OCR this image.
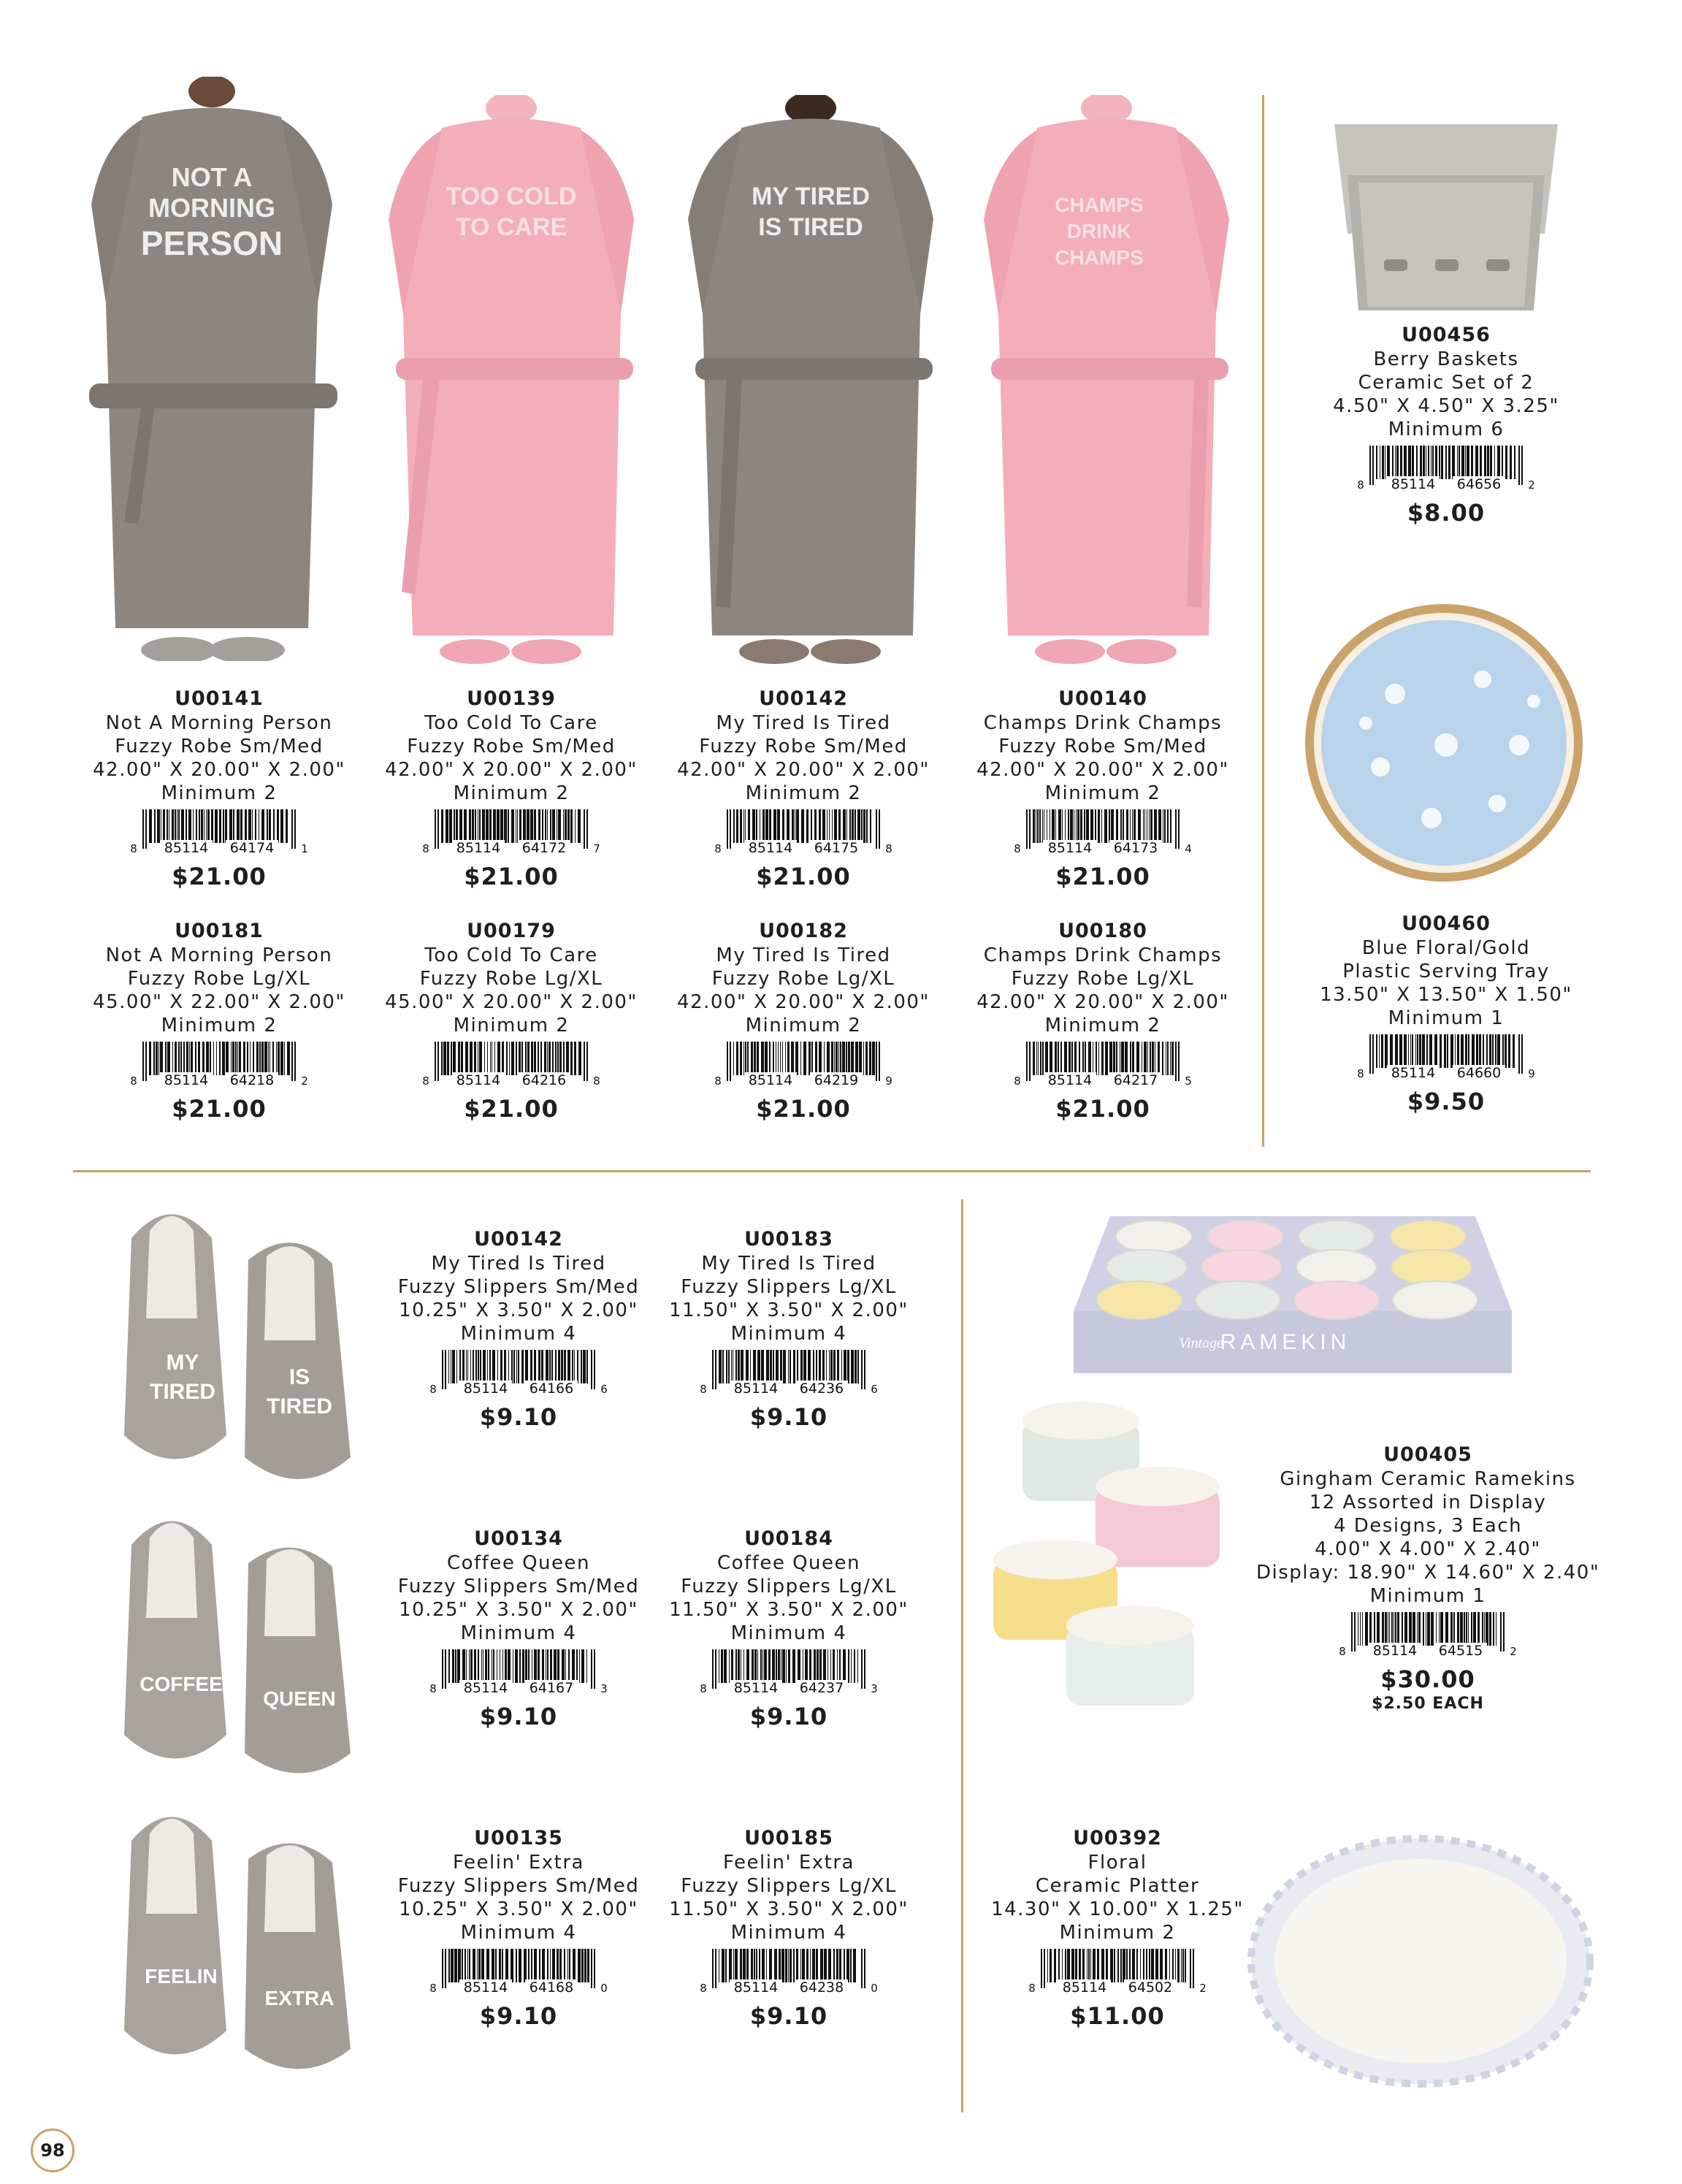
NOT A
MORNING
PERSON
TOO COLD
TO CARE
MY TIRED
IS TIRED
CHAMPS
DRINK
CHAMPS
MY
TIRED
IS
TIRED
COFFEE
QUEEN
FEELIN
EXTRA
Vintage
RAMEKIN
U00141
Not A Morning Person
Fuzzy Robe Sm/Med
42.00" X 20.00" X 2.00"
Minimum 2
8 85114 64174 1
$21.00
U00139
Too Cold To Care
Fuzzy Robe Sm/Med
42.00" X 20.00" X 2.00"
Minimum 2
8 85114 64172 7
$21.00
U00142
My Tired Is Tired
Fuzzy Robe Sm/Med
42.00" X 20.00" X 2.00"
Minimum 2
8 85114 64175 8
$21.00
U00140
Champs Drink Champs
Fuzzy Robe Sm/Med
42.00" X 20.00" X 2.00"
Minimum 2
8 85114 64173 4
$21.00
U00181
Not A Morning Person
Fuzzy Robe Lg/XL
45.00" X 22.00" X 2.00"
Minimum 2
8 85114 64218 2
$21.00
U00179
Too Cold To Care
Fuzzy Robe Lg/XL
45.00" X 20.00" X 2.00"
Minimum 2
8 85114 64216 8
$21.00
U00182
My Tired Is Tired
Fuzzy Robe Lg/XL
42.00" X 20.00" X 2.00"
Minimum 2
8 85114 64219 9
$21.00
U00180
Champs Drink Champs
Fuzzy Robe Lg/XL
42.00" X 20.00" X 2.00"
Minimum 2
8 85114 64217 5
$21.00
U00456
Berry Baskets
Ceramic Set of 2
4.50" X 4.50" X 3.25"
Minimum 6
8 85114 64656 2
$8.00
U00460
Blue Floral/Gold
Plastic Serving Tray
13.50" X 13.50" X 1.50"
Minimum 1
8 85114 64660 9
$9.50
U00142
My Tired Is Tired
Fuzzy Slippers Sm/Med
10.25" X 3.50" X 2.00"
Minimum 4
8 85114 64166 6
$9.10
U00183
My Tired Is Tired
Fuzzy Slippers Lg/XL
11.50" X 3.50" X 2.00"
Minimum 4
8 85114 64236 6
$9.10
U00134
Coffee Queen
Fuzzy Slippers Sm/Med
10.25" X 3.50" X 2.00"
Minimum 4
8 85114 64167 3
$9.10
U00184
Coffee Queen
Fuzzy Slippers Lg/XL
11.50" X 3.50" X 2.00"
Minimum 4
8 85114 64237 3
$9.10
U00135
Feelin' Extra
Fuzzy Slippers Sm/Med
10.25" X 3.50" X 2.00"
Minimum 4
8 85114 64168 0
$9.10
U00185
Feelin' Extra
Fuzzy Slippers Lg/XL
11.50" X 3.50" X 2.00"
Minimum 4
8 85114 64238 0
$9.10
U00405
Gingham Ceramic Ramekins
12 Assorted in Display
4 Designs, 3 Each
4.00" X 4.00" X 2.40"
Display: 18.90" X 14.60" X 2.40"
Minimum 1
8 85114 64515 2
$30.00
$2.50 EACH
U00392
Floral
Ceramic Platter
14.30" X 10.00" X 1.25"
Minimum 2
8 85114 64502 2
$11.00
98
